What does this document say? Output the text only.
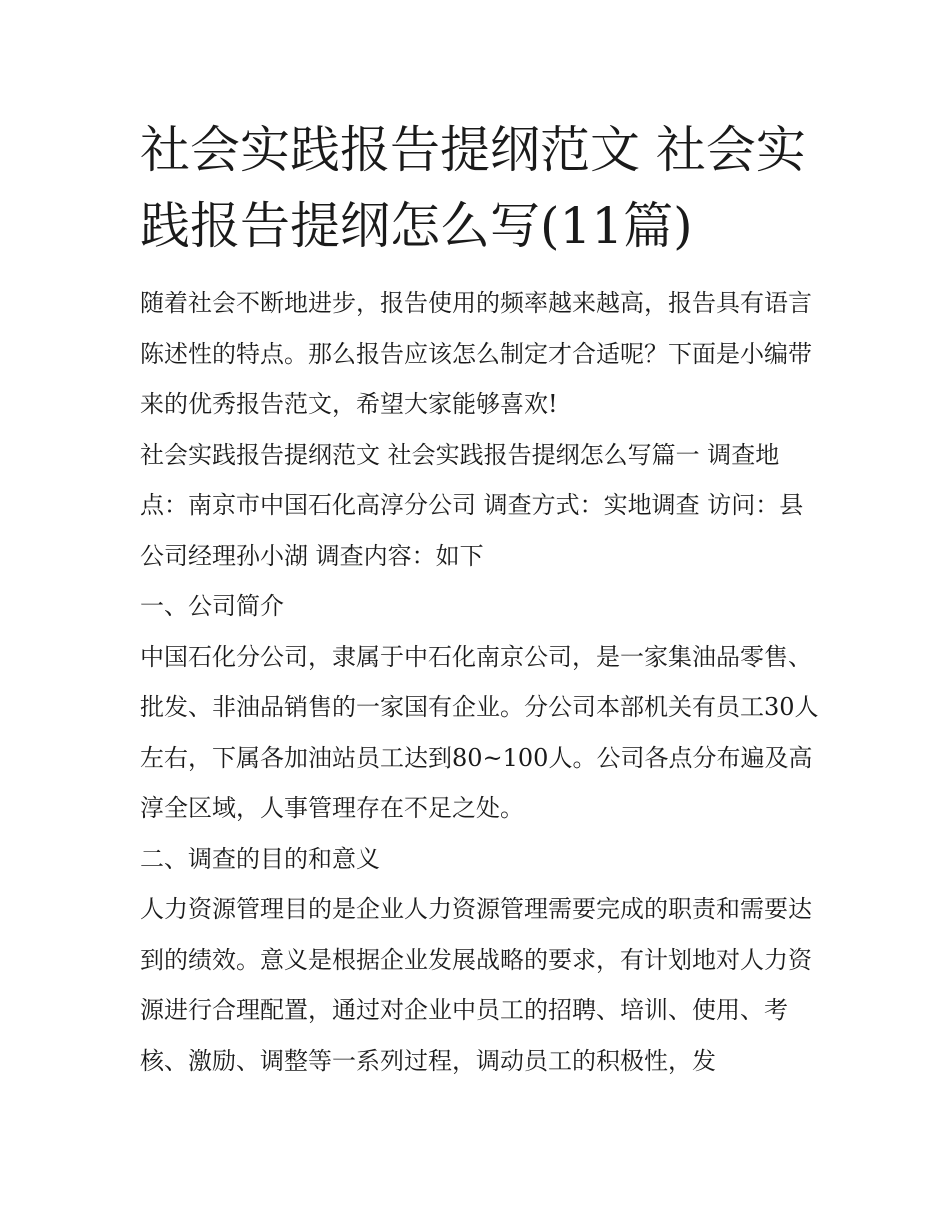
社会实践报告提纲范文 社会实践报告提纲怎么写(11篇)

随着社会不断地进步，报告使用的频率越来越高，报告具有语言陈述性的特点。那么报告应该怎么制定才合适呢？下面是小编带来的优秀报告范文，希望大家能够喜欢!

社会实践报告提纲范文 社会实践报告提纲怎么写篇一 调查地点：南京市中国石化高淳分公司 调查方式：实地调查 访问：县公司经理孙小湖 调查内容：如下

一、公司简介

中国石化分公司，隶属于中石化南京公司，是一家集油品零售、批发、非油品销售的一家国有企业。分公司本部机关有员工30人左右，下属各加油站员工达到80~100人。公司各点分布遍及高淳全区域，人事管理存在不足之处。

二、调查的目的和意义

人力资源管理目的是企业人力资源管理需要完成的职责和需要达到的绩效。意义是根据企业发展战略的要求，有计划地对人力资源进行合理配置，通过对企业中员工的招聘、培训、使用、考核、激励、调整等一系列过程，调动员工的积极性，发
